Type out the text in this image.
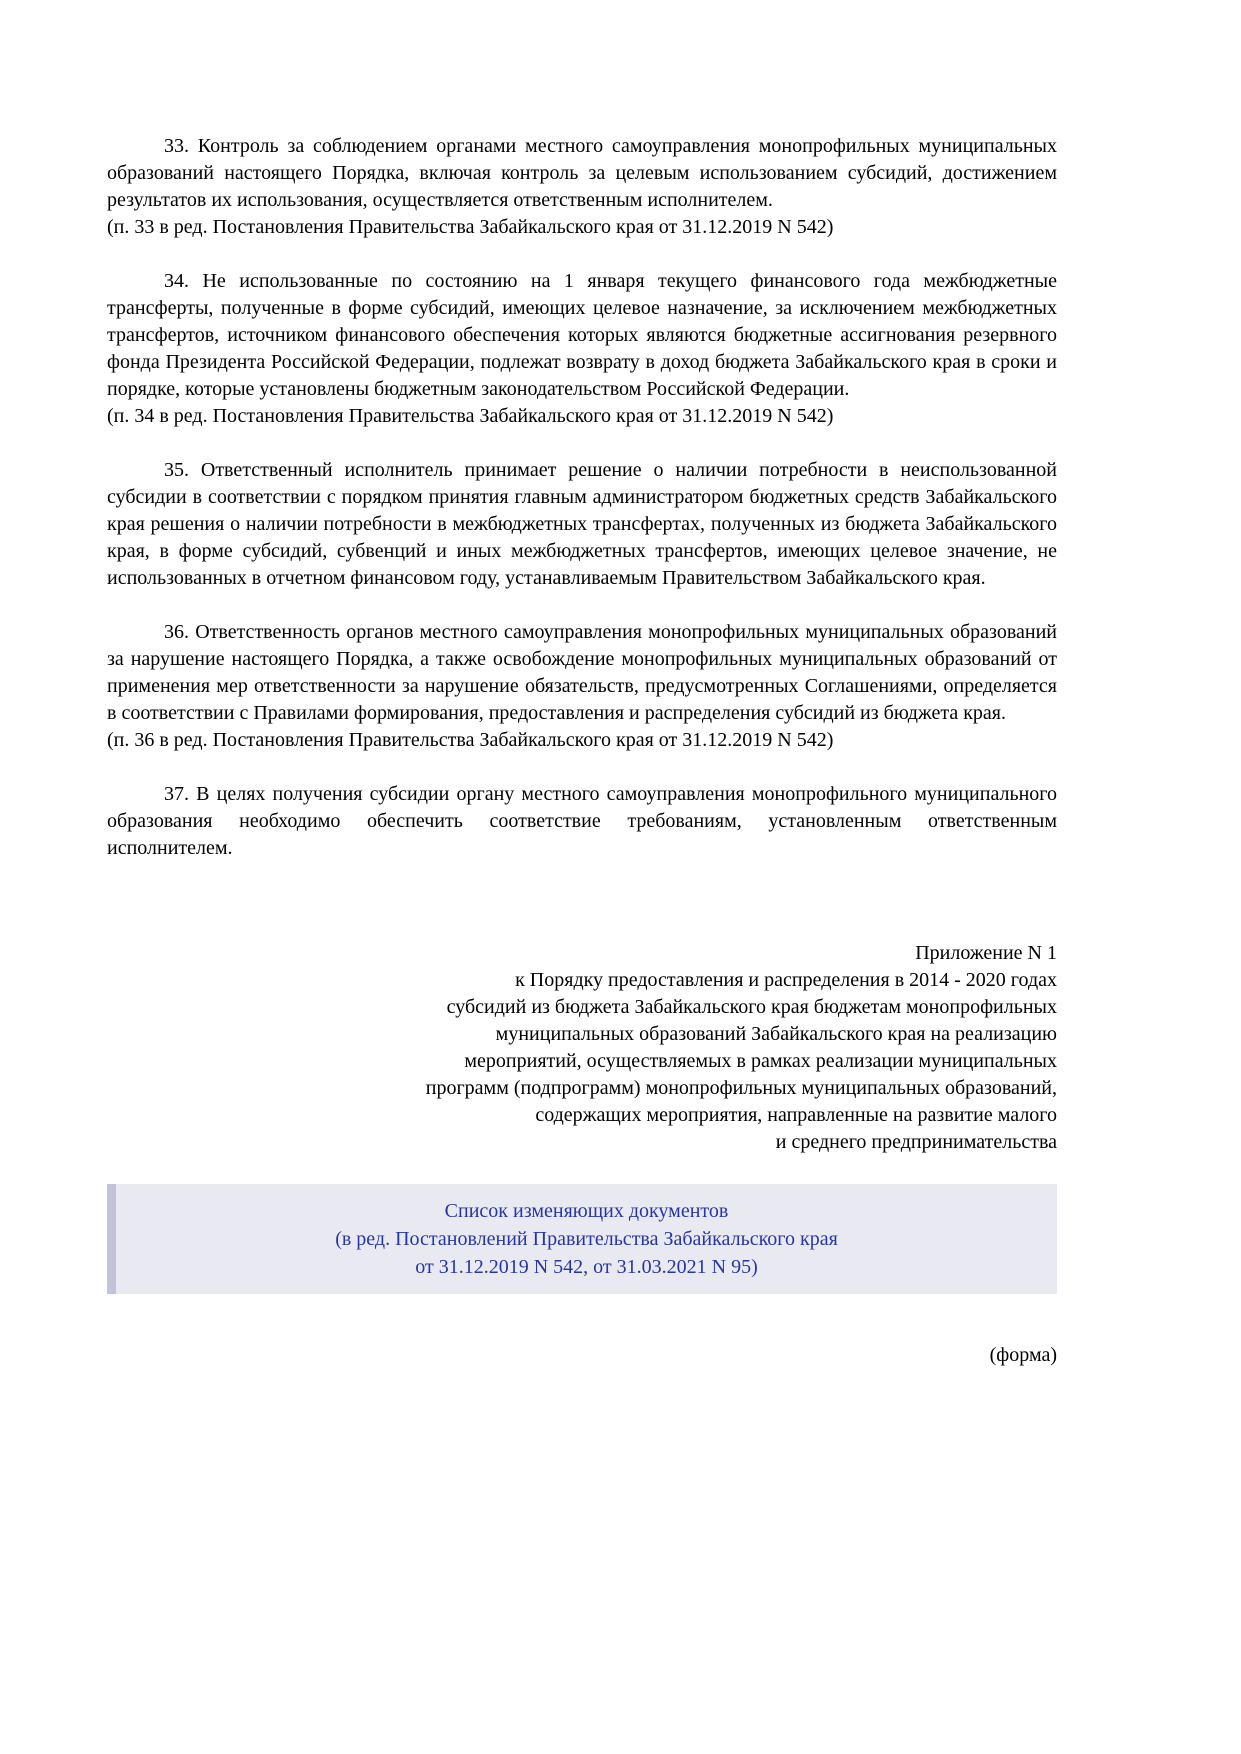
33. Контроль за соблюдением органами местного самоуправления монопрофильных муниципальных образований настоящего Порядка, включая контроль за целевым использованием субсидий, достижением результатов их использования, осуществляется ответственным исполнителем.

(п. 33 в ред. Постановления Правительства Забайкальского края от 31.12.2019 N 542)

34. Не использованные по состоянию на 1 января текущего финансового года межбюджетные трансферты, полученные в форме субсидий, имеющих целевое назначение, за исключением межбюджетных трансфертов, источником финансового обеспечения которых являются бюджетные ассигнования резервного фонда Президента Российской Федерации, подлежат возврату в доход бюджета Забайкальского края в сроки и порядке, которые установлены бюджетным законодательством Российской Федерации.

(п. 34 в ред. Постановления Правительства Забайкальского края от 31.12.2019 N 542)

35. Ответственный исполнитель принимает решение о наличии потребности в неиспользованной субсидии в соответствии с порядком принятия главным администратором бюджетных средств Забайкальского края решения о наличии потребности в межбюджетных трансфертах, полученных из бюджета Забайкальского края, в форме субсидий, субвенций и иных межбюджетных трансфертов, имеющих целевое значение, не использованных в отчетном финансовом году, устанавливаемым Правительством Забайкальского края.

36. Ответственность органов местного самоуправления монопрофильных муниципальных образований за нарушение настоящего Порядка, а также освобождение монопрофильных муниципальных образований от применения мер ответственности за нарушение обязательств, предусмотренных Соглашениями, определяется в соответствии с Правилами формирования, предоставления и распределения субсидий из бюджета края.

(п. 36 в ред. Постановления Правительства Забайкальского края от 31.12.2019 N 542)

37. В целях получения субсидии органу местного самоуправления монопрофильного муниципального образования необходимо обеспечить соответствие требованиям, установленным ответственным исполнителем.

Приложение N 1
к Порядку предоставления и распределения в 2014 - 2020 годах
субсидий из бюджета Забайкальского края бюджетам монопрофильных
муниципальных образований Забайкальского края на реализацию
мероприятий, осуществляемых в рамках реализации муниципальных
программ (подпрограмм) монопрофильных муниципальных образований,
содержащих мероприятия, направленные на развитие малого
и среднего предпринимательства
Список изменяющих документов
(в ред. Постановлений Правительства Забайкальского края
от 31.12.2019 N 542, от 31.03.2021 N 95)
(форма)
